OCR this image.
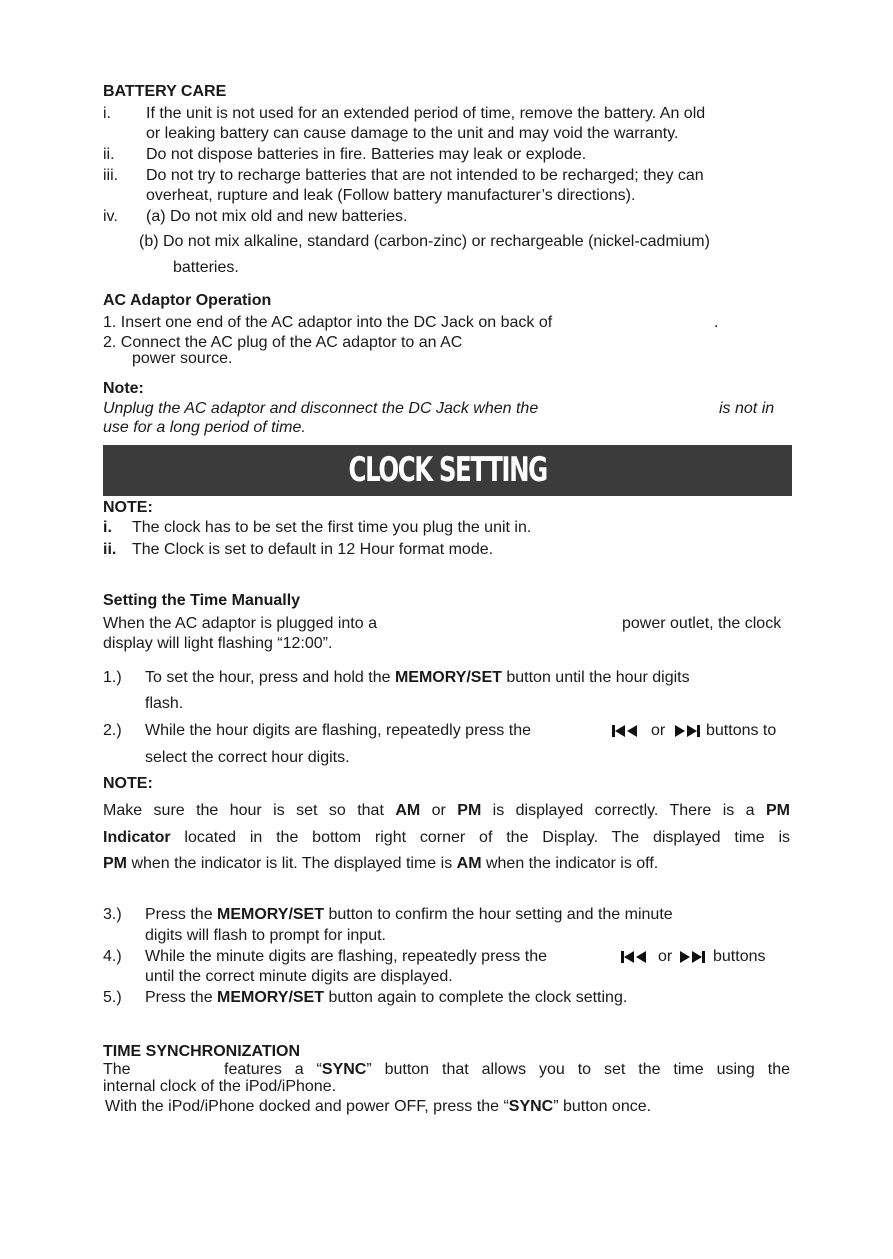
BATTERY CARE
i. If the unit is not used for an extended period of time, remove the battery. An old
or leaking battery can cause damage to the unit and may void the warranty.
ii. Do not dispose batteries in fire. Batteries may leak or explode.
iii. Do not try to recharge batteries that are not intended to be recharged; they can
overheat, rupture and leak (Follow battery manufacturer’s directions).
iv. (a) Do not mix old and new batteries.
(b) Do not mix alkaline, standard (carbon-zinc) or rechargeable (nickel-cadmium)
batteries.
AC Adaptor Operation
1. Insert one end of the AC adaptor into the DC Jack on back of	.
2. Connect the AC plug of the AC adaptor to an AC
power source.
Note:
Unplug the AC adaptor and disconnect the DC Jack when the	is not in
use for a long period of time.
CLOCK SETTING
NOTE:
i. The clock has to be set the first time you plug the unit in.
ii. The Clock is set to default in 12 Hour format mode.
Setting the Time Manually
When the AC adaptor is plugged into a	power outlet, the clock
display will light flashing “12:00”.
1.) To set the hour, press and hold the MEMORY/SET button until the hour digits
flash.
2.) While the hour digits are flashing, repeatedly press the	or	buttons to
select the correct hour digits.
NOTE:
Make sure the hour is set so that AM or PM is displayed correctly. There is a PM
Indicator located in the bottom right corner of the Display. The displayed time is
PM when the indicator is lit. The displayed time is AM when the indicator is off.
3.) Press the MEMORY/SET button to confirm the hour setting and the minute
digits will flash to prompt for input.
4.) While the minute digits are flashing, repeatedly press the	or	buttons
until the correct minute digits are displayed.
5.) Press the MEMORY/SET button again to complete the clock setting.
TIME SYNCHRONIZATION
The	features a “SYNC” button that allows you to set the time using the
internal clock of the iPod/iPhone.
With the iPod/iPhone docked and power OFF, press the “SYNC” button once.
